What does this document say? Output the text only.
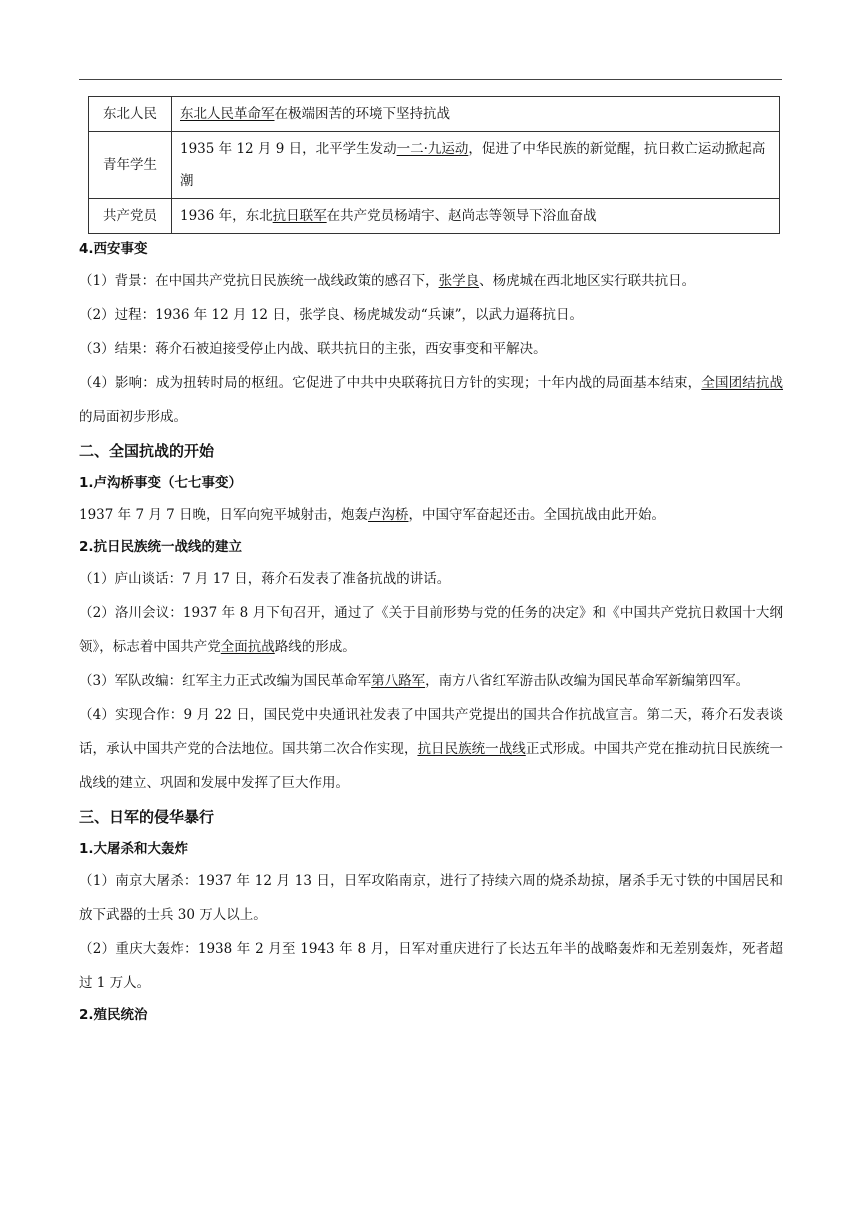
东北人民	东北人民革命军在极端困苦的环境下坚持抗战
青年学生	1935 年 12 月 9 日，北平学生发动一二·九运动，促进了中华民族的新觉醒，抗日救亡运动掀起高潮
共产党员	1936 年，东北抗日联军在共产党员杨靖宇、赵尚志等领导下浴血奋战
4.西安事变

（1）背景：在中国共产党抗日民族统一战线政策的感召下，张学良、杨虎城在西北地区实行联共抗日。

（2）过程：1936 年 12 月 12 日，张学良、杨虎城发动“兵谏”，以武力逼蒋抗日。

（3）结果：蒋介石被迫接受停止内战、联共抗日的主张，西安事变和平解决。

（4）影响：成为扭转时局的枢纽。它促进了中共中央联蒋抗日方针的实现；十年内战的局面基本结束，全国团结抗战的局面初步形成。

二、全国抗战的开始
1.卢沟桥事变（七七事变）

1937 年 7 月 7 日晚，日军向宛平城射击，炮轰卢沟桥，中国守军奋起还击。全国抗战由此开始。

2.抗日民族统一战线的建立

（1）庐山谈话：7 月 17 日，蒋介石发表了准备抗战的讲话。

（2）洛川会议：1937 年 8 月下旬召开，通过了《关于目前形势与党的任务的决定》和《中国共产党抗日救国十大纲领》，标志着中国共产党全面抗战路线的形成。

（3）军队改编：红军主力正式改编为国民革命军第八路军，南方八省红军游击队改编为国民革命军新编第四军。

（4）实现合作：9 月 22 日，国民党中央通讯社发表了中国共产党提出的国共合作抗战宣言。第二天，蒋介石发表谈话，承认中国共产党的合法地位。国共第二次合作实现，抗日民族统一战线正式形成。中国共产党在推动抗日民族统一战线的建立、巩固和发展中发挥了巨大作用。

三、日军的侵华暴行
1.大屠杀和大轰炸

（1）南京大屠杀：1937 年 12 月 13 日，日军攻陷南京，进行了持续六周的烧杀劫掠，屠杀手无寸铁的中国居民和放下武器的士兵 30 万人以上。

（2）重庆大轰炸：1938 年 2 月至 1943 年 8 月，日军对重庆进行了长达五年半的战略轰炸和无差别轰炸，死者超过 1 万人。

2.殖民统治
